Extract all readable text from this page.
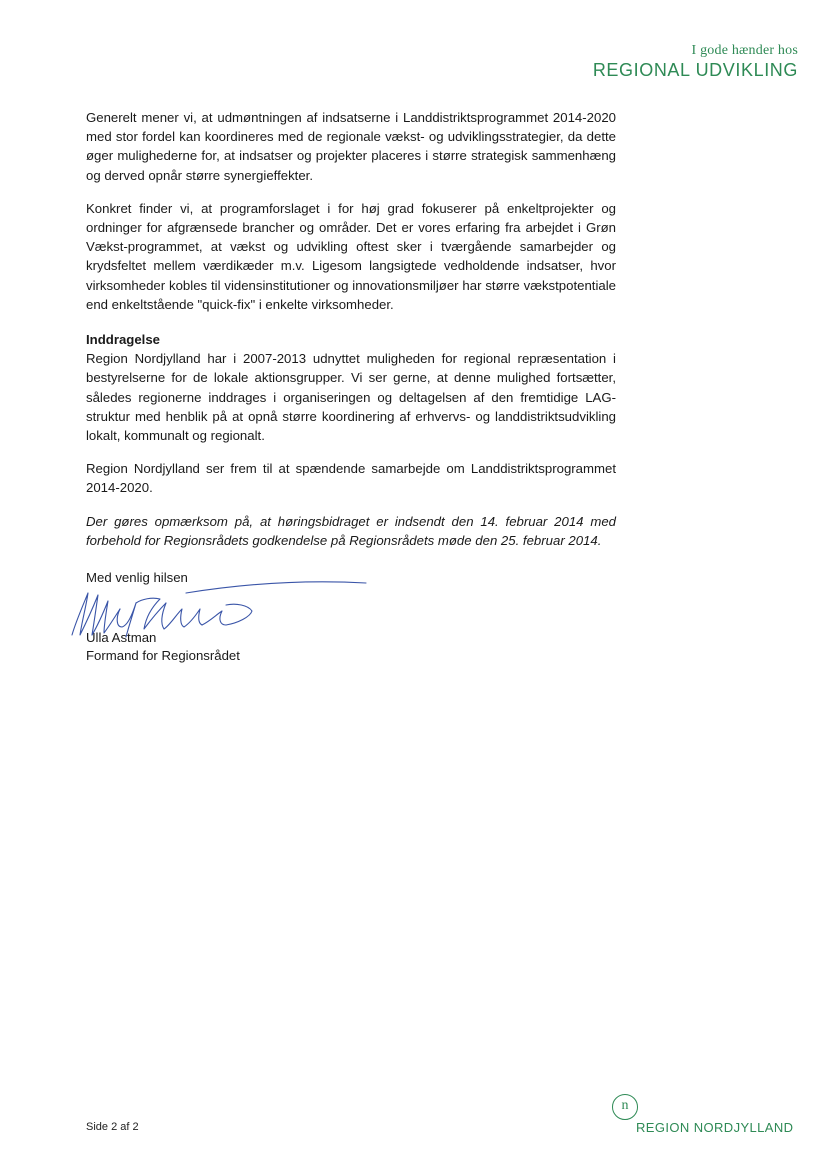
I gode hænder hos
REGIONAL UDVIKLING

Generelt mener vi, at udmøntningen af indsatserne i Landdistriktsprogrammet 2014-2020 med stor fordel kan koordineres med de regionale vækst- og udviklingsstrategier, da dette øger mulighederne for, at indsatser og projekter placeres i større strategisk sammenhæng og derved opnår større synergieffekter.

Konkret finder vi, at programforslaget i for høj grad fokuserer på enkeltprojekter og ordninger for afgrænsede brancher og områder. Det er vores erfaring fra arbejdet i Grøn Vækst-programmet, at vækst og udvikling oftest sker i tværgående samarbejder og krydsfeltet mellem værdikæder m.v. Ligesom langsigtede vedholdende indsatser, hvor virksomheder kobles til vidensinstitutioner og innovationsmiljøer har større vækstpotentiale end enkeltstående "quick-fix" i enkelte virksomheder.

Inddragelse

Region Nordjylland har i 2007-2013 udnyttet muligheden for regional repræsentation i bestyrelserne for de lokale aktionsgrupper. Vi ser gerne, at denne mulighed fortsætter, således regionerne inddrages i organiseringen og deltagelsen af den fremtidige LAG-struktur med henblik på at opnå større koordinering af erhvervs- og landdistriktsudvikling lokalt, kommunalt og regionalt.

Region Nordjylland ser frem til at spændende samarbejde om Landdistriktsprogrammet 2014-2020.

Der gøres opmærksom på, at høringsbidraget er indsendt den 14. februar 2014 med forbehold for Regionsrådets godkendelse på Regionsrådets møde den 25. februar 2014.

Med venlig hilsen

Ulla Astman

Formand for Regionsrådet

Side 2 af 2
n
REGION NORDJYLLAND
